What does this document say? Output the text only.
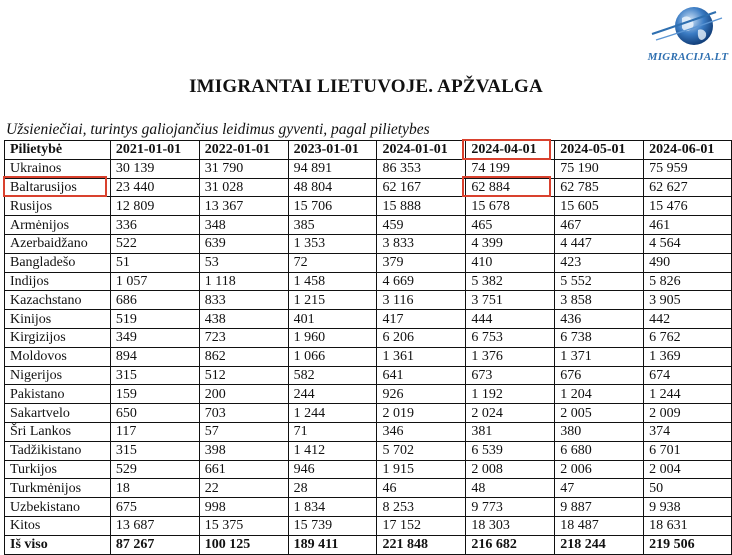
MIGRACIJA.LT
IMIGRANTAI LIETUVOJE. APŽVALGA
Užsieniečiai, turintys galiojančius leidimus gyventi, pagal pilietybes
Pilietybė	2021-01-01	2022-01-01	2023-01-01	2024-01-01	2024-04-01	2024-05-01	2024-06-01
Ukrainos	30 139	31 790	94 891	86 353	74 199	75 190	75 959
Baltarusijos	23 440	31 028	48 804	62 167	62 884	62 785	62 627
Rusijos	12 809	13 367	15 706	15 888	15 678	15 605	15 476
Armėnijos	336	348	385	459	465	467	461
Azerbaidžano	522	639	1 353	3 833	4 399	4 447	4 564
Bangladešo	51	53	72	379	410	423	490
Indijos	1 057	1 118	1 458	4 669	5 382	5 552	5 826
Kazachstano	686	833	1 215	3 116	3 751	3 858	3 905
Kinijos	519	438	401	417	444	436	442
Kirgizijos	349	723	1 960	6 206	6 753	6 738	6 762
Moldovos	894	862	1 066	1 361	1 376	1 371	1 369
Nigerijos	315	512	582	641	673	676	674
Pakistano	159	200	244	926	1 192	1 204	1 244
Sakartvelo	650	703	1 244	2 019	2 024	2 005	2 009
Šri Lankos	117	57	71	346	381	380	374
Tadžikistano	315	398	1 412	5 702	6 539	6 680	6 701
Turkijos	529	661	946	1 915	2 008	2 006	2 004
Turkmėnijos	18	22	28	46	48	47	50
Uzbekistano	675	998	1 834	8 253	9 773	9 887	9 938
Kitos	13 687	15 375	15 739	17 152	18 303	18 487	18 631
Iš viso	87 267	100 125	189 411	221 848	216 682	218 244	219 506
